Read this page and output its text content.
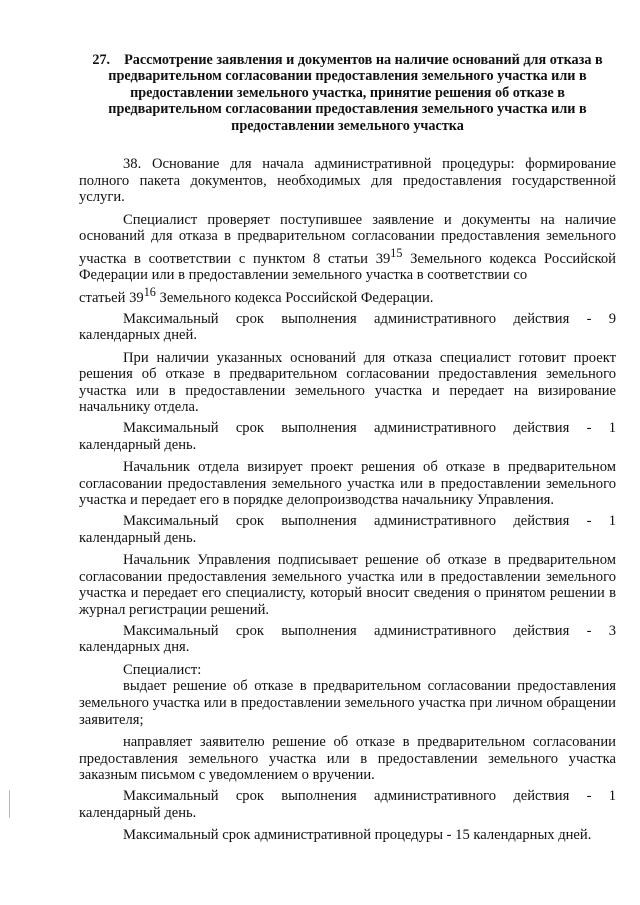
27. Рассмотрение заявления и документов на наличие оснований для отказа в предварительном согласовании предоставления земельного участка или в предоставлении земельного участка, принятие решения об отказе в предварительном согласовании предоставления земельного участка или в предоставлении земельного участка

38. Основание для начала административной процедуры: формирование полного пакета документов, необходимых для предоставления государственной услуги.

Специалист проверяет поступившее заявление и документы на наличие оснований для отказа в предварительном согласовании предоставления земельного участка в соответствии с пунктом 8 статьи $39^{15}$ Земельного кодекса Российской Федерации или в предоставлении земельного участка в соответствии со

статьей $39^{16}$ Земельного кодекса Российской Федерации.

Максимальный срок выполнения административного действия - 9 календарных дней.

При наличии указанных оснований для отказа специалист готовит проект решения об отказе в предварительном согласовании предоставления земельного участка или в предоставлении земельного участка и передает на визирование начальнику отдела.

Максимальный срок выполнения административного действия - 1 календарный день.

Начальник отдела визирует проект решения об отказе в предварительном согласовании предоставления земельного участка или в предоставлении земельного участка и передает его в порядке делопроизводства начальнику Управления.

Максимальный срок выполнения административного действия - 1 календарный день.

Начальник Управления подписывает решение об отказе в предварительном согласовании предоставления земельного участка или в предоставлении земельного участка и передает его специалисту, который вносит сведения о принятом решении в журнал регистрации решений.

Максимальный срок выполнения административного действия - 3 календарных дня.

Специалист:

выдает решение об отказе в предварительном согласовании предоставления земельного участка или в предоставлении земельного участка при личном обращении заявителя;

направляет заявителю решение об отказе в предварительном согласовании предоставления земельного участка или в предоставлении земельного участка заказным письмом с уведомлением о вручении.

Максимальный срок выполнения административного действия - 1 календарный день.

Максимальный срок административной процедуры - 15 календарных дней.
